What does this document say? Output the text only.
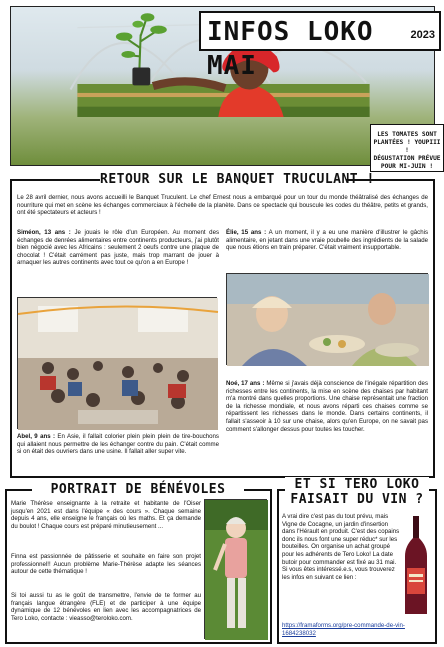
INFOS LOKO MAI
2023
LES TOMATES SONT
PLANTÉES ! YOUPIII !
DÉGUSTATION PRÉVUE
POUR MI-JUIN !
RETOUR SUR LE BANQUET TRUCULANT !
Le 28 avril dernier, nous avons accueilli le Banquet Truculent. Le chef Ernest nous a embarqué pour un tour du monde théâtralisé des échanges de nourriture qui met en scène les échanges commerciaux à l'échelle de la planète. Dans ce spectacle qui bouscule les codes du théâtre, petits et grands, ont été spectateurs et acteurs !
Siméon, 13 ans : Je jouais le rôle d'un Européen. Au moment des échanges de denrées alimentaires entre continents producteurs, j'ai plutôt bien négocié avec les Africains : seulement 2 oeufs contre une plaque de chocolat ! C'était carrément pas juste, mais trop marrant de jouer à arnaquer les autres continents avec tout ce qu'on a en Europe !
Élie, 15 ans : A un moment, il y a eu une manière d'illustrer le gâchis alimentaire, en jetant dans une vraie poubelle des ingrédients de la salade que nous étions en train préparer. C'était vraiment insupportable.
Abel, 9 ans : En Asie, il fallait colorier plein plein plein de tire-bouchons qui allaient nous permettre de les échanger contre du pain. C'était comme si on était des ouvriers dans une usine. Il fallait aller super vite.
Noé, 17 ans : Même si j'avais déjà conscience de l'inégale répartition des richesses entre les continents, la mise en scène des chaises par habitant m'a montré dans quelles proportions. Une chaise représentait une fraction de la richesse mondiale, et nous avons réparti ces chaises comme se répartissent les richesses dans le monde. Dans certains continents, il fallait s'asseoir à 10 sur une chaise, alors qu'en Europe, on ne savait pas comment s'allonger dessus pour toutes les toucher.
PORTRAIT DE BÉNÉVOLES
Marie Thérèse enseignante à la retraite et habitante de l'Oiser jusqu'en 2021 est dans l'équipe « des cours ». Chaque semaine depuis 4 ans, elle enseigne le français où les maths. Et ça demande du boulot ! Chaque cours est préparé minutieusement ...
Finna est passionnée de pâtisserie et souhaite en faire son projet professionnel!! Aucun problème Marie-Thérèse adapte les séances autour de cette thématique !
Si toi aussi tu as le goût de transmettre, l'envie de te former au français langue étrangère (FLE) et de participer à une équipe dynamique de 12 bénévoles en lien avec les accompagnatrices de Tero Loko, contacte : vieasso@teroloko.com.
ET SI TERO LOKO
FAISAIT DU VIN ?
A vrai dire c'est pas du tout prévu, mais Vigne de Cocagne, un jardin d'insertion dans l'Hérault en produit. C'est des copains donc ils nous font une super réduc* sur les bouteilles. On organise un achat groupé pour les adhérents de Tero Loko! La date butoir pour commander est fixé au 31 mai. Si vous êtes intéressé.e.s, vous trouverez les infos en suivant ce lien :
https://framaforms.org/pre-commande-de-vin-1684238032
